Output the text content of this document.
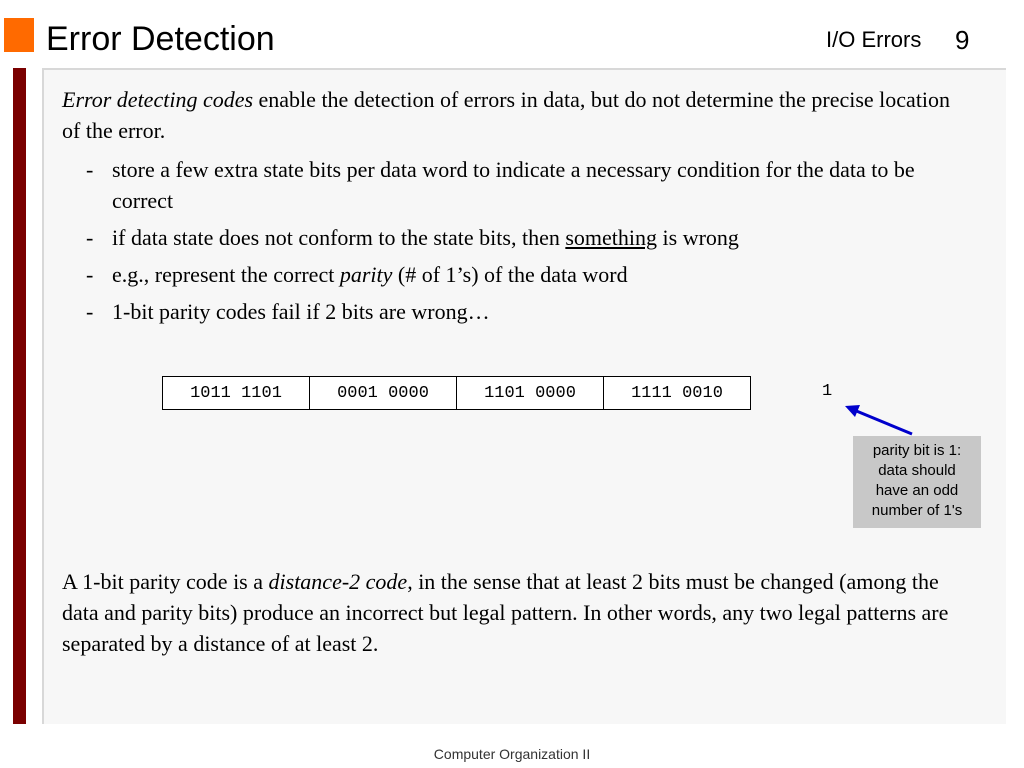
Error Detection	I/O Errors 9
Error detecting codes enable the detection of errors in data, but do not determine the precise location of the error.
- store a few extra state bits per data word to indicate a necessary condition for the data to be correct
- if data state does not conform to the state bits, then something is wrong
- e.g., represent the correct parity (# of 1’s) of the data word
- 1-bit parity codes fail if 2 bits are wrong…
1011 1101	0001 0000	1101 0000	1111 0010	1
parity bit is 1:
data should
have an odd
number of 1's
A 1-bit parity code is a distance-2 code, in the sense that at least 2 bits must be changed (among the data and parity bits) produce an incorrect but legal pattern. In other words, any two legal patterns are separated by a distance of at least 2.
Computer Organization II
